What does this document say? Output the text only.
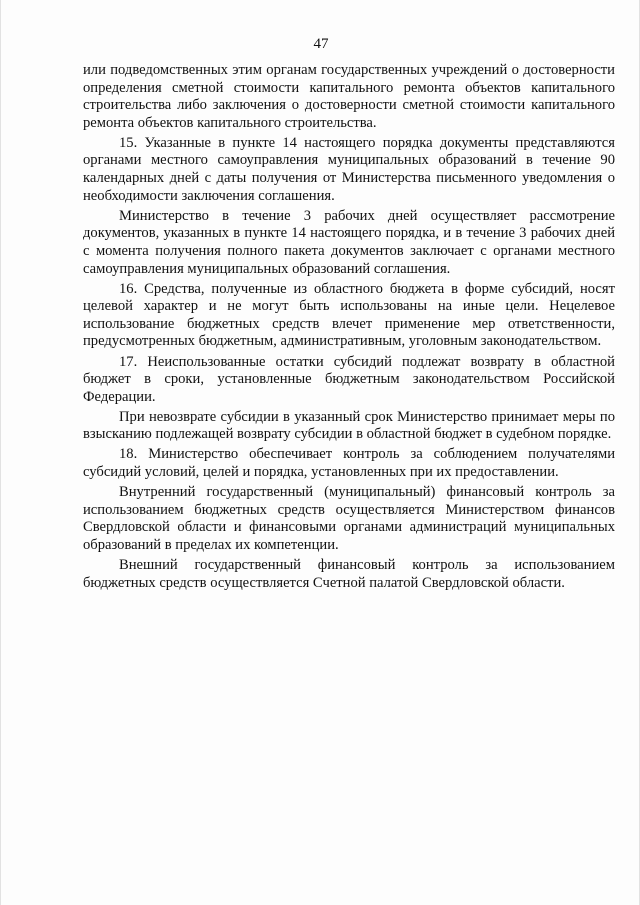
47

или подведомственных этим органам государственных учреждений о достоверности определения сметной стоимости капитального ремонта объектов капитального строительства либо заключения о достоверности сметной стоимости капитального ремонта объектов капитального строительства.

15. Указанные в пункте 14 настоящего порядка документы представляются органами местного самоуправления муниципальных образований в течение 90 календарных дней с даты получения от Министерства письменного уведомления о необходимости заключения соглашения.

Министерство в течение 3 рабочих дней осуществляет рассмотрение документов, указанных в пункте 14 настоящего порядка, и в течение 3 рабочих дней с момента получения полного пакета документов заключает с органами местного самоуправления муниципальных образований соглашения.

16. Средства, полученные из областного бюджета в форме субсидий, носят целевой характер и не могут быть использованы на иные цели. Нецелевое использование бюджетных средств влечет применение мер ответственности, предусмотренных бюджетным, административным, уголовным законодательством.

17. Неиспользованные остатки субсидий подлежат возврату в областной бюджет в сроки, установленные бюджетным законодательством Российской Федерации.

При невозврате субсидии в указанный срок Министерство принимает меры по взысканию подлежащей возврату субсидии в областной бюджет в судебном порядке.

18. Министерство обеспечивает контроль за соблюдением получателями субсидий условий, целей и порядка, установленных при их предоставлении.

Внутренний государственный (муниципальный) финансовый контроль за использованием бюджетных средств осуществляется Министерством финансов Свердловской области и финансовыми органами администраций муниципальных образований в пределах их компетенции.

Внешний государственный финансовый контроль за использованием бюджетных средств осуществляется Счетной палатой Свердловской области.
